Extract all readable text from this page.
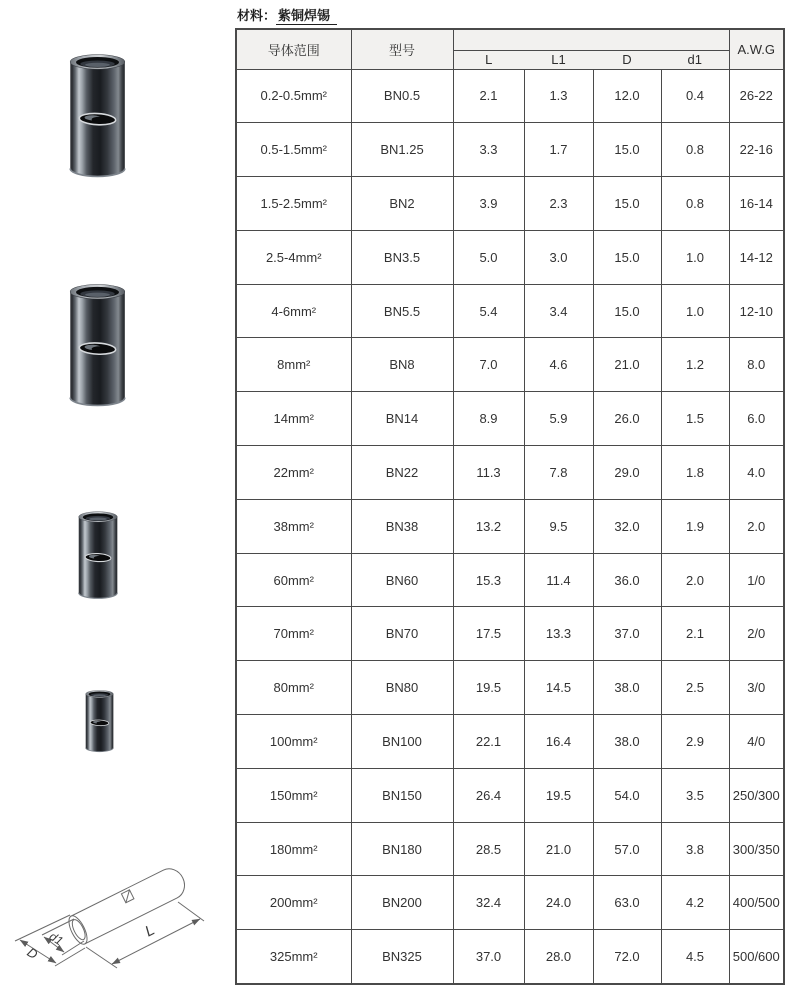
D
d1	L
材料： 紫铜焊锡
导体范围	型号					A.W.G
		L	L1	D	d1	
0.2-0.5mm²	BN0.5	2.1	1.3	12.0	0.4	26-22
0.5-1.5mm²	BN1.25	3.3	1.7	15.0	0.8	22-16
1.5-2.5mm²	BN2	3.9	2.3	15.0	0.8	16-14
2.5-4mm²	BN3.5	5.0	3.0	15.0	1.0	14-12
4-6mm²	BN5.5	5.4	3.4	15.0	1.0	12-10
8mm²	BN8	7.0	4.6	21.0	1.2	8.0
14mm²	BN14	8.9	5.9	26.0	1.5	6.0
22mm²	BN22	11.3	7.8	29.0	1.8	4.0
38mm²	BN38	13.2	9.5	32.0	1.9	2.0
60mm²	BN60	15.3	11.4	36.0	2.0	1/0
70mm²	BN70	17.5	13.3	37.0	2.1	2/0
80mm²	BN80	19.5	14.5	38.0	2.5	3/0
100mm²	BN100	22.1	16.4	38.0	2.9	4/0
150mm²	BN150	26.4	19.5	54.0	3.5	250/300
180mm²	BN180	28.5	21.0	57.0	3.8	300/350
200mm²	BN200	32.4	24.0	63.0	4.2	400/500
325mm²	BN325	37.0	28.0	72.0	4.5	500/600
